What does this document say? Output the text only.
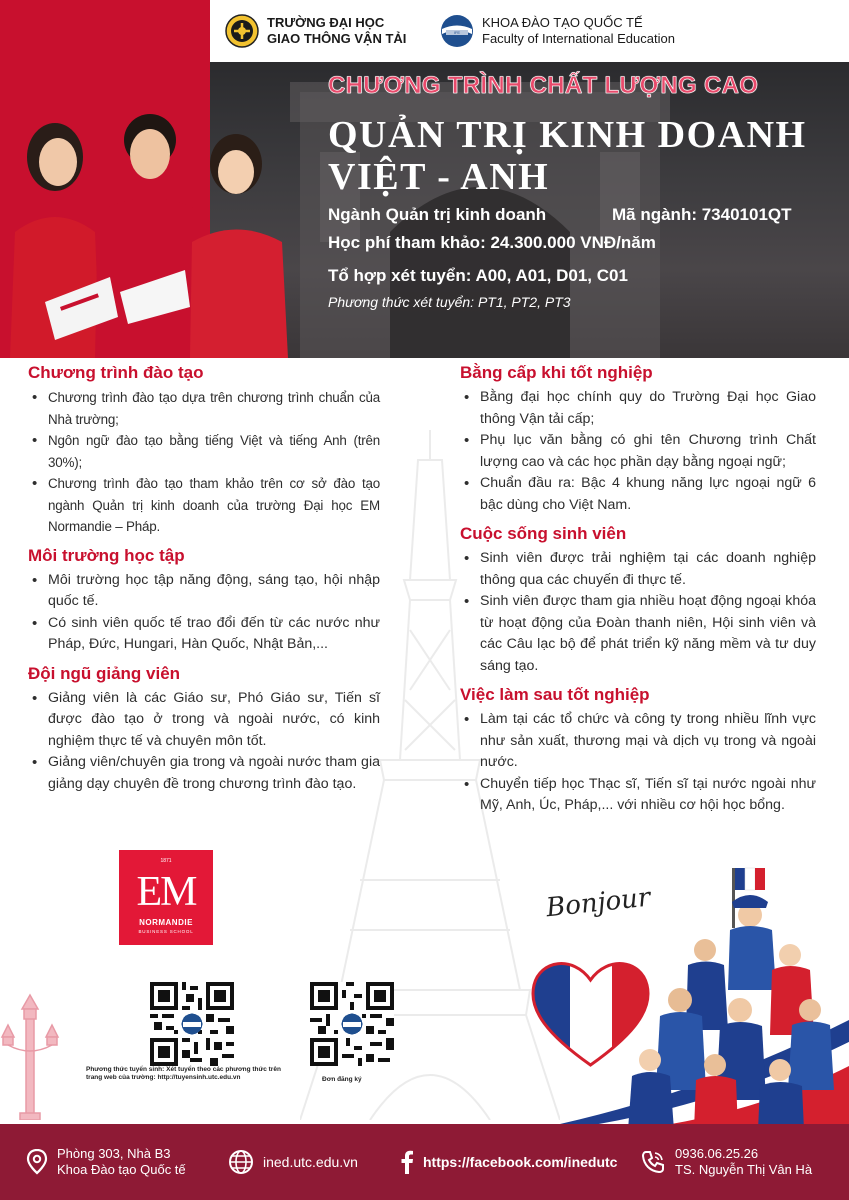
TRƯỜNG ĐẠI HỌC
GIAO THÔNG VẬN TẢI	IFE
KHOA ĐÀO TẠO QUỐC TẾ
Faculty of International Education
CHƯƠNG TRÌNH CHẤT LƯỢNG CAO
QUẢN TRỊ KINH DOANH
VIỆT - ANH
Ngành Quản trị kinh doanh	Mã ngành: 7340101QT
Học phí tham khảo: 24.300.000 VNĐ/năm
Tổ hợp xét tuyển: A00, A01, D01, C01
Phương thức xét tuyển: PT1, PT2, PT3
Chương trình đào tạo
• Chương trình đào tạo dựa trên chương trình chuẩn của Nhà trường;
• Ngôn ngữ đào tạo bằng tiếng Việt và tiếng Anh (trên 30%);
• Chương trình đào tạo tham khảo trên cơ sở đào tạo ngành Quản trị kinh doanh của trường Đại học EM Normandie – Pháp.
Môi trường học tập
• Môi trường học tập năng động, sáng tạo, hội nhập quốc tế.
• Có sinh viên quốc tế trao đổi đến từ các nước như Pháp, Đức, Hungari, Hàn Quốc, Nhật Bản,...
Đội ngũ giảng viên
• Giảng viên là các Giáo sư, Phó Giáo sư, Tiến sĩ được đào tạo ở trong và ngoài nước, có kinh nghiệm thực tế và chuyên môn tốt.
• Giảng viên/chuyên gia trong và ngoài nước tham gia giảng dạy chuyên đề trong chương trình đào tạo.
Bằng cấp khi tốt nghiệp
• Bằng đại học chính quy do Trường Đại học Giao thông Vận tải cấp;
• Phụ lục văn bằng có ghi tên Chương trình Chất lượng cao và các học phần dạy bằng ngoại ngữ;
• Chuẩn đầu ra: Bậc 4 khung năng lực ngoại ngữ 6 bậc dùng cho Việt Nam.
Cuộc sống sinh viên
• Sinh viên được trải nghiệm tại các doanh nghiệp thông qua các chuyến đi thực tế.
• Sinh viên được tham gia nhiều hoạt động ngoại khóa từ hoạt động của Đoàn thanh niên, Hội sinh viên và các Câu lạc bộ để phát triển kỹ năng mềm và tư duy sáng tạo.
Việc làm sau tốt nghiệp
• Làm tại các tổ chức và công ty trong nhiều lĩnh vực như sản xuất, thương mại và dịch vụ trong và ngoài nước.
• Chuyển tiếp học Thạc sĩ, Tiến sĩ tại nước ngoài như Mỹ, Anh, Úc, Pháp,... với nhiều cơ hội học bổng.
1871
EM
NORMANDIE
BUSINESS SCHOOL
Phương thức tuyển sinh: Xét tuyển theo các phương thức trên trang web của trường: http://tuyensinh.utc.edu.vn	Đơn đăng ký
Bonjour
Phòng 303, Nhà B3
Khoa Đào tạo Quốc tế	ined.utc.edu.vn	https://facebook.com/inedutc
0936.06.25.26
TS. Nguyễn Thị Vân Hà
